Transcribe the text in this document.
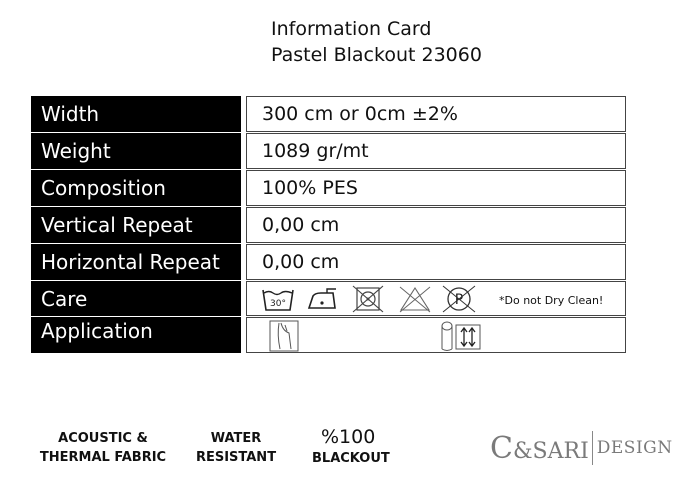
Information Card
Pastel Blackout 23060
Width	300 cm or 0cm ±2%
Weight	1089 gr/mt
Composition	100% PES
Vertical Repeat	0,00 cm
Horizontal Repeat	0,00 cm
Care	30°	P	*Do not Dry Clean!
Application
ACOUSTIC &
THERMAL FABRIC
WATER
RESISTANT
%100
BLACKOUT	C&SARI DESIGN
